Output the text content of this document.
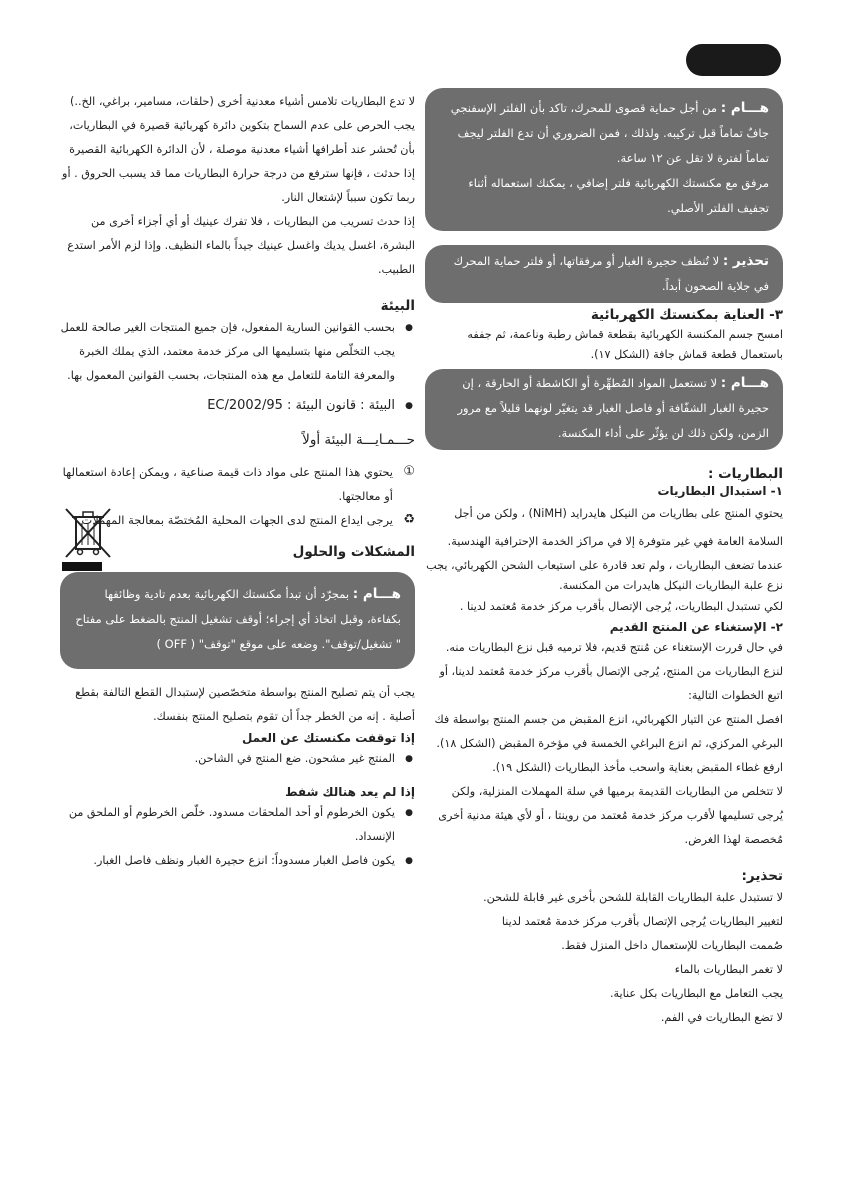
هـــام : من أجل حماية قصوى للمحرك، تاكد بأن الفلتر الإسفنجي جافٌ تماماً قبل تركيبه. ولذلك ، فمن الضروري أن تدع الفلتر ليجف تماماً لفترة لا تقل عن ١٢ ساعة.
مرفق مع مكنستك الكهربائية فلتر إضافي ، يمكنك استعماله أثناء تجفيف الفلتر الأصلي.
تحذير : لا تُنظف حجيرة الغبار أو مرفقاتها، أو فلتر حماية المحرك في جلاية الصحون أبداً.
٣- العناية بمكنستك الكهربائية

امسح جسم المكنسة الكهربائية بقطعة قماش رطبة وناعمة، ثم جففه باستعمال قطعة قماش جافة (الشكل ١٧).

هـــام : لا تستعمل المواد المُطهِّرة أو الكاشطة أو الحارقة ، إن حجيرة الغبار الشفّافة أو فاصل الغبار قد يتغيّر لونهما قليلاً مع مرور الزمن، ولكن ذلك لن يؤثّر على أداء المكنسة.
البطاريات :
١- استبدال البطاريات

يحتوي المنتج على بطاريات من النيكل هايدرايد (NiMH) ، ولكن من أجل السلامة العامة فهي غير متوفرة إلا في مراكز الخدمة الإحترافية الهندسية.

عندما تضعف البطاريات ، ولم تعد قادرة على استيعاب الشحن الكهربائي، يجب نزع علبة البطاريات النيكل هايدرات من المكنسة.

لكي تستبدل البطاريات، يُرجى الإتصال بأقرب مركز خدمة مُعتمد لدينا .

٢- الإستغناء عن المنتج القديم

في حال قررت الإستغناء عن مُنتج قديم، فلا ترميه قبل نزع البطاريات منه. لنزع البطاريات من المنتج، يُرجى الإتصال بأقرب مركز خدمة مُعتمد لدينا، أو اتبع الخطوات التالية:

افصل المنتج عن التيار الكهربائي، انزع المقبض من جسم المنتج بواسطة فك البرغي المركزي، ثم انزع البراغي الخمسة في مؤخرة المقبض (الشكل ١٨).

ارفع غطاء المقبض بعناية واسحب مأخذ البطاريات (الشكل ١٩).

لا تتخلص من البطاريات القديمة برميها في سلة المهملات المنزلية، ولكن يُرجى تسليمها لأقرب مركز خدمة مُعتمد من روينتا ، أو لأي هيئة مدنية أخرى مُخصصة لهذا الغرض.

تحذير:

لا تستبدل علبة البطاريات القابلة للشحن بأخرى غير قابلة للشحن.

لتغيير البطاريات يُرجى الإتصال بأقرب مركز خدمة مُعتمد لدينا

صُممت البطاريات للإستعمال داخل المنزل فقط.

لا تغمر البطاريات بالماء

يجب التعامل مع البطاريات بكل عناية.

لا تضع البطاريات في الفم.

لا تدع البطاريات تلامس أشياء معدنية أخرى (حلقات، مسامير، براغي، الخ..) يجب الحرص على عدم السماح بتكوين دائرة كهربائية قصيرة في البطاريات، بأن تُحشر عند أطرافها أشياء معدنية موصلة ، لأن الدائرة الكهربائية القصيرة إذا حدثت ، فإنها سترفع من درجة حرارة البطاريات مما قد يسبب الحروق . أو ربما تكون سبباً لإشتعال النار.

إذا حدث تسريب من البطاريات ، فلا تفرك عينيك أو أي أجزاء أخرى من البشرة، اغسل يديك واغسل عينيك جيداً بالماء النظيف. وإذا لزم الأمر استدع الطبيب.

البيئة
● بحسب القوانين السارية المفعول، فإن جميع المنتجات الغير صالحة للعمل يجب التخلّص منها بتسليمها الى مركز خدمة معتمد، الذي يملك الخبرة والمعرفة التامة للتعامل مع هذه المنتجات، بحسب القوانين المعمول بها.
● البيئة : قانون البيئة : 2002/95/EC
حـــمـايـــة البيئة أولاً
①
يحتوي هذا المنتج على مواد ذات قيمة صناعية ، ويمكن إعادة استعمالها أو معالجتها.
♻
يرجى ايداع المنتج لدى الجهات المحلية المُختصّة بمعالجة المهملات.
المشكلات والحلول
هـــام : بمجرّد أن تبدأ مكنستك الكهربائية بعدم تادية وظائفها بكفاءة، وقبل اتخاذ أي إجراء؛ أوقف تشغيل المنتج بالضغط على مفتاح " تشغيل/توقف". وضعه على موقع "توقف" ( OFF )

يجب أن يتم تصليح المنتج بواسطة متخصّصين لإستبدال القطع التالفة بقطع أصلية . إنه من الخطر جداً أن تقوم بتصليح المنتج بنفسك.

إذا توقفت مكنستك عن العمل
● المنتج غير مشحون. ضع المنتج في الشاحن.
إذا لم يعد هنالك شفط
● يكون الخرطوم أو أحد الملحقات مسدود. خلّص الخرطوم أو الملحق من الإنسداد.
● يكون فاصل الغبار مسدوداً: انزع حجيرة الغبار ونظف فاصل الغبار.
